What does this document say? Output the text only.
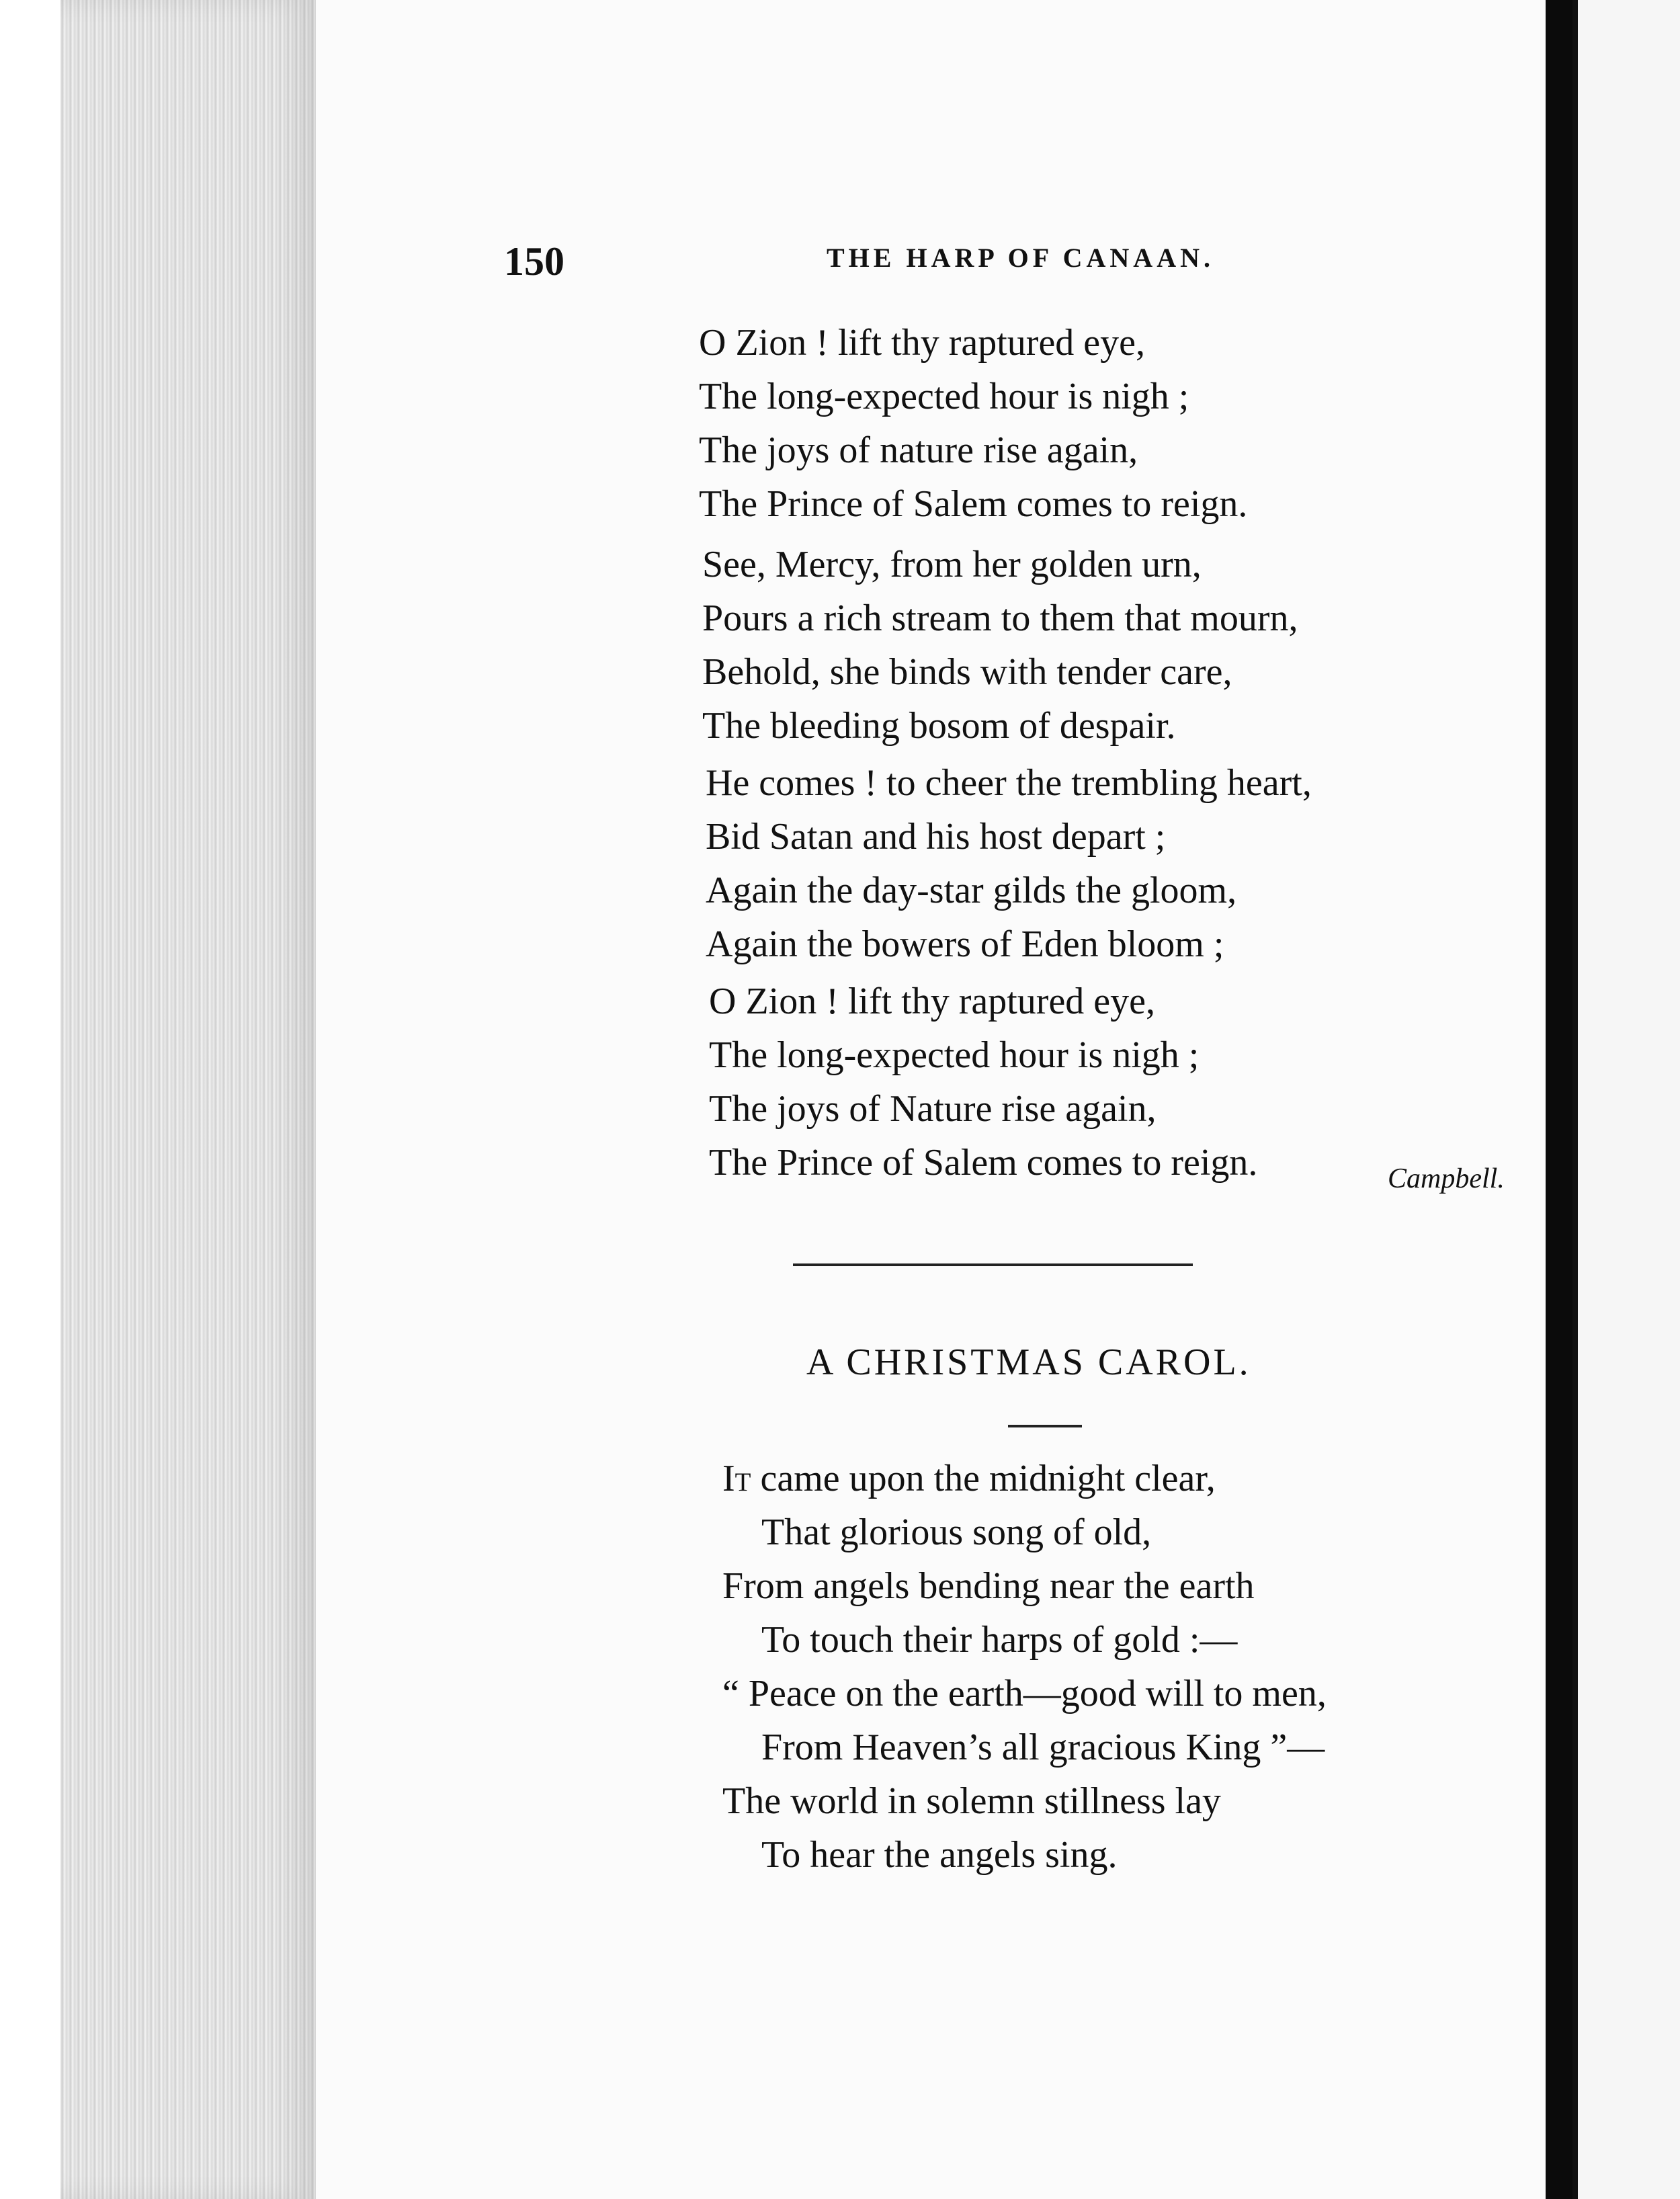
150	THE HARP OF CANAAN.
O Zion ! lift thy raptured eye,
The long-expected hour is nigh ;
The joys of nature rise again,
The Prince of Salem comes to reign.
See, Mercy, from her golden urn,
Pours a rich stream to them that mourn,
Behold, she binds with tender care,
The bleeding bosom of despair.
He comes ! to cheer the trembling heart,
Bid Satan and his host depart ;
Again the day-star gilds the gloom,
Again the bowers of Eden bloom ;
O Zion ! lift thy raptured eye,
The long-expected hour is nigh ;
The joys of Nature rise again,
The Prince of Salem comes to reign.	Campbell.
A CHRISTMAS CAROL.
It came upon the midnight clear,
That glorious song of old,
From angels bending near the earth
To touch their harps of gold :—
“ Peace on the earth—good will to men,
From Heaven’s all gracious King ”—
The world in solemn stillness lay
To hear the angels sing.
